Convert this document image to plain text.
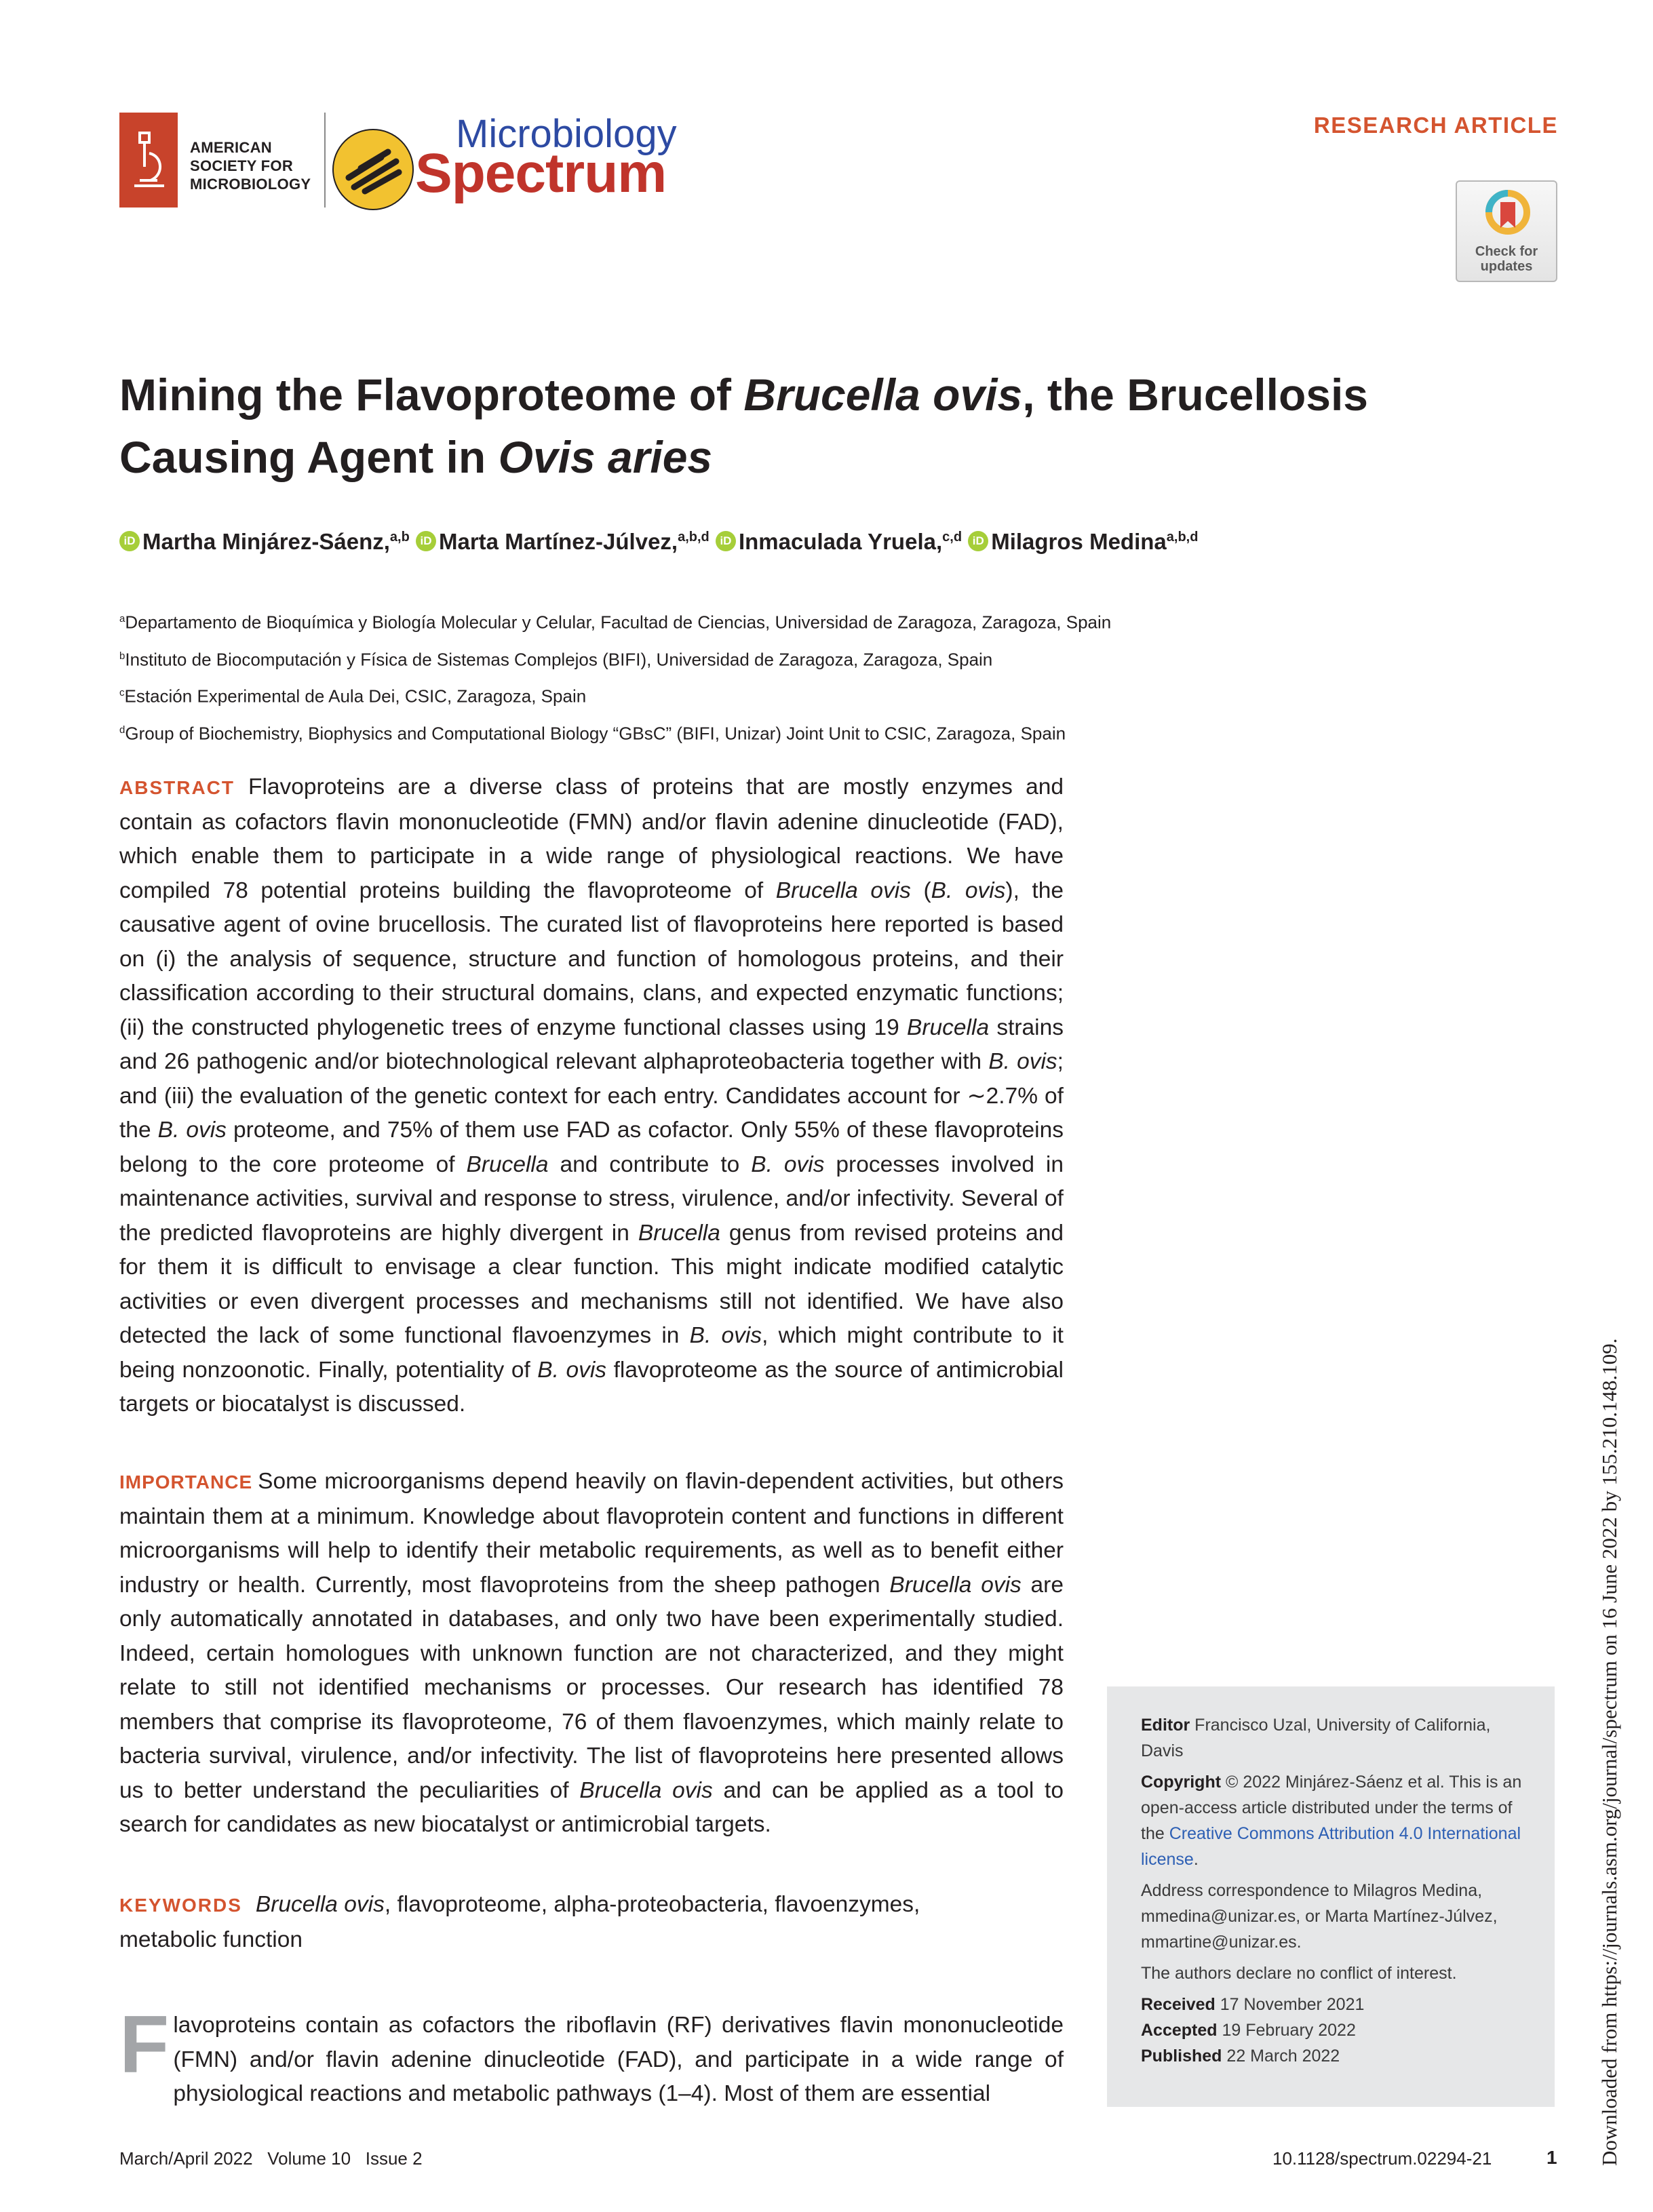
AMERICAN
SOCIETY FOR
MICROBIOLOGY
Microbiology
Spectrum
RESEARCH ARTICLE
Check for updates
Mining the Flavoproteome of Brucella ovis, the Brucellosis Causing Agent in Ovis aries
iD Martha Minjárez-Sáenz,$^{a,b}$ iD Marta Martínez-Júlvez,$^{a,b,d}$ iD Inmaculada Yruela,$^{c,d}$ iD Milagros Medina$^{a,b,d}$
$^a$Departamento de Bioquímica y Biología Molecular y Celular, Facultad de Ciencias, Universidad de Zaragoza, Zaragoza, Spain
$^b$Instituto de Biocomputación y Física de Sistemas Complejos (BIFI), Universidad de Zaragoza, Zaragoza, Spain
$^c$Estación Experimental de Aula Dei, CSIC, Zaragoza, Spain
$^d$Group of Biochemistry, Biophysics and Computational Biology “GBsC” (BIFI, Unizar) Joint Unit to CSIC, Zaragoza, Spain
ABSTRACT Flavoproteins are a diverse class of proteins that are mostly enzymes and contain as cofactors flavin mononucleotide (FMN) and/or flavin adenine dinucleotide (FAD), which enable them to participate in a wide range of physiological reactions. We have compiled 78 potential proteins building the flavoproteome of Brucella ovis (B. ovis), the causative agent of ovine brucellosis. The curated list of flavoproteins here reported is based on (i) the analysis of sequence, structure and function of homologous proteins, and their classification according to their structural domains, clans, and expected enzymatic functions; (ii) the constructed phylogenetic trees of enzyme functional classes using 19 Brucella strains and 26 pathogenic and/or biotechnological relevant alphaproteobacteria together with B. ovis; and (iii) the evaluation of the genetic context for each entry. Candidates account for ∼2.7% of the B. ovis proteome, and 75% of them use FAD as cofactor. Only 55% of these flavoproteins belong to the core proteome of Brucella and contribute to B. ovis processes involved in maintenance activities, survival and response to stress, virulence, and/or infectivity. Several of the predicted flavoproteins are highly divergent in Brucella genus from revised proteins and for them it is difficult to envisage a clear function. This might indicate modified catalytic activities or even divergent processes and mechanisms still not identified. We have also detected the lack of some functional flavoenzymes in B. ovis, which might contribute to it being nonzoonotic. Finally, potentiality of B. ovis flavoproteome as the source of antimicrobial targets or biocatalyst is discussed.
IMPORTANCE Some microorganisms depend heavily on flavin-dependent activities, but others maintain them at a minimum. Knowledge about flavoprotein content and functions in different microorganisms will help to identify their metabolic requirements, as well as to benefit either industry or health. Currently, most flavoproteins from the sheep pathogen Brucella ovis are only automatically annotated in databases, and only two have been experimentally studied. Indeed, certain homologues with unknown function are not characterized, and they might relate to still not identified mechanisms or processes. Our research has identified 78 members that comprise its flavoproteome, 76 of them flavoenzymes, which mainly relate to bacteria survival, virulence, and/or infectivity. The list of flavoproteins here presented allows us to better understand the peculiarities of Brucella ovis and can be applied as a tool to search for candidates as new biocatalyst or antimicrobial targets.
KEYWORDS Brucella ovis, flavoproteome, alpha-proteobacteria, flavoenzymes, metabolic function
Flavoproteins contain as cofactors the riboflavin (RF) derivatives flavin mononucleotide (FMN) and/or flavin adenine dinucleotide (FAD), and participate in a wide range of physiological reactions and metabolic pathways (1–4). Most of them are essential

Editor Francisco Uzal, University of California, Davis

Copyright © 2022 Minjárez-Sáenz et al. This is an open-access article distributed under the terms of the Creative Commons Attribution 4.0 International license.

Address correspondence to Milagros Medina, mmedina@unizar.es, or Marta Martínez-Júlvez, mmartine@unizar.es.

The authors declare no conflict of interest.

Received 17 November 2021
Accepted 19 February 2022
Published 22 March 2022
March/April 2022   Volume 10   Issue 2	10.1128/spectrum.02294-21	1 Downloaded from https://journals.asm.org/journal/spectrum on 16 June 2022 by 155.210.148.109.
